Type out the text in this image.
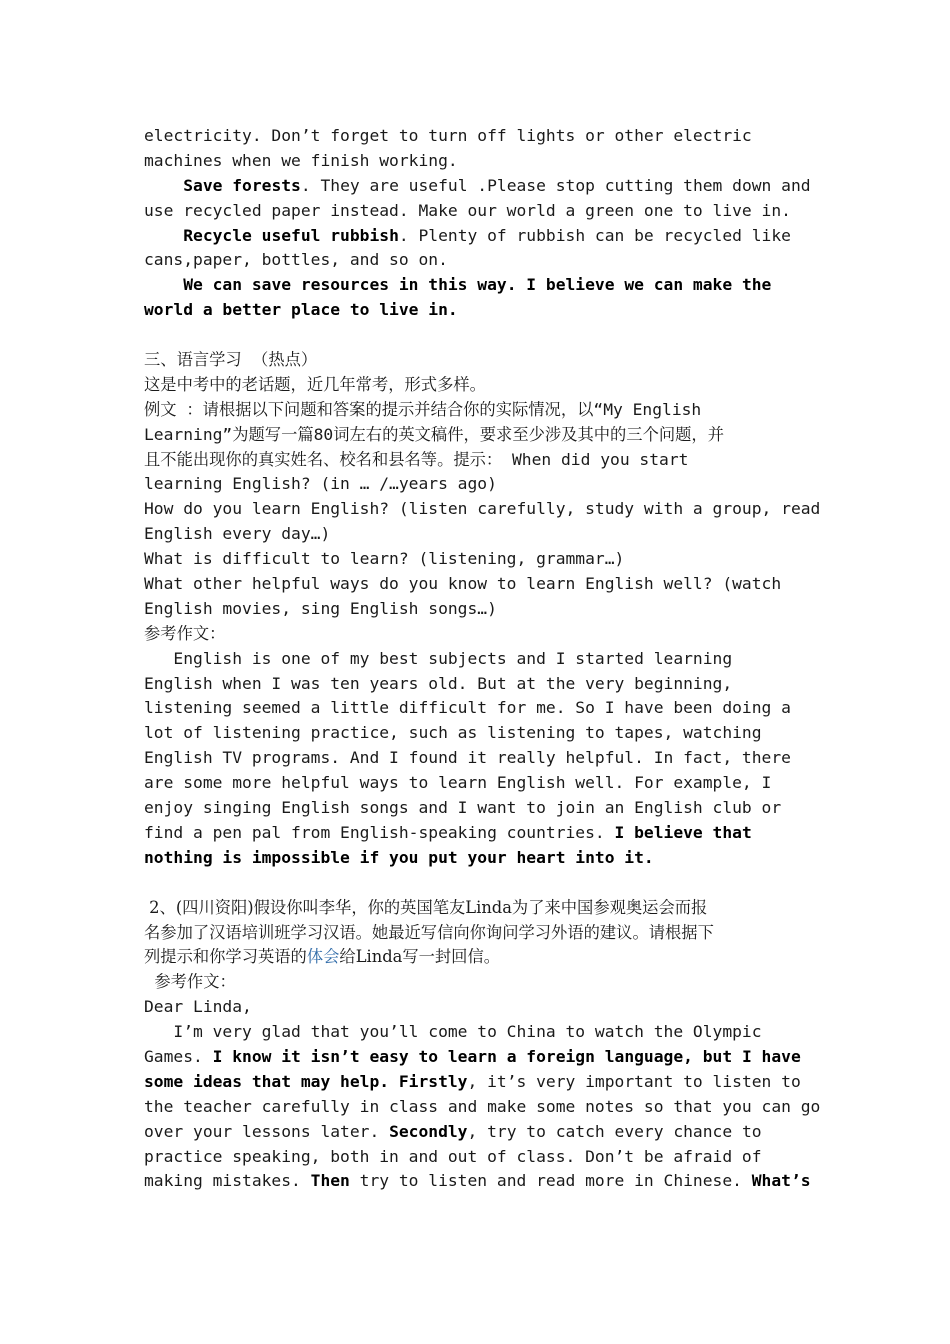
electricity. Don’t forget to turn off lights or other electric
machines when we finish working.
Save forests. They are useful .Please stop cutting them down and
use recycled paper instead. Make our world a green one to live in.
Recycle useful rubbish. Plenty of rubbish can be recycled like
cans,paper, bottles, and so on.
We can save resources in this way. I believe we can make the
world a better place to live in.
三、语言学习  （热点）
这是中考中的老话题，近几年常考，形式多样。
例文 ：请根据以下问题和答案的提示并结合你的实际情况，以“My English
Learning”为题写一篇80词左右的英文稿件，要求至少涉及其中的三个问题，并
且不能出现你的真实姓名、校名和县名等。提示： When did you start
learning English? (in … /…years ago)
How do you learn English? (listen carefully, study with a group, read
English every day…)
What is difficult to learn? (listening, grammar…)
What other helpful ways do you know to learn English well? (watch
English movies, sing English songs…)
参考作文：
English is one of my best subjects and I started learning
English when I was ten years old. But at the very beginning,
listening seemed a little difficult for me. So I have been doing a
lot of listening practice, such as listening to tapes, watching
English TV programs. And I found it really helpful. In fact, there
are some more helpful ways to learn English well. For example, I
enjoy singing English songs and I want to join an English club or
find a pen pal from English-speaking countries. I believe that
nothing is impossible if you put your heart into it.
2、(四川资阳)假设你叫李华，你的英国笔友Linda为了来中国参观奥运会而报
名参加了汉语培训班学习汉语。她最近写信向你询问学习外语的建议。请根据下
列提示和你学习英语的体会给Linda写一封回信。
参考作文：
Dear Linda,
I’m very glad that you’ll come to China to watch the Olympic
Games. I know it isn’t easy to learn a foreign language, but I have
some ideas that may help. Firstly, it’s very important to listen to
the teacher carefully in class and make some notes so that you can go
over your lessons later. Secondly, try to catch every chance to
practice speaking, both in and out of class. Don’t be afraid of
making mistakes. Then try to listen and read more in Chinese. What’s
